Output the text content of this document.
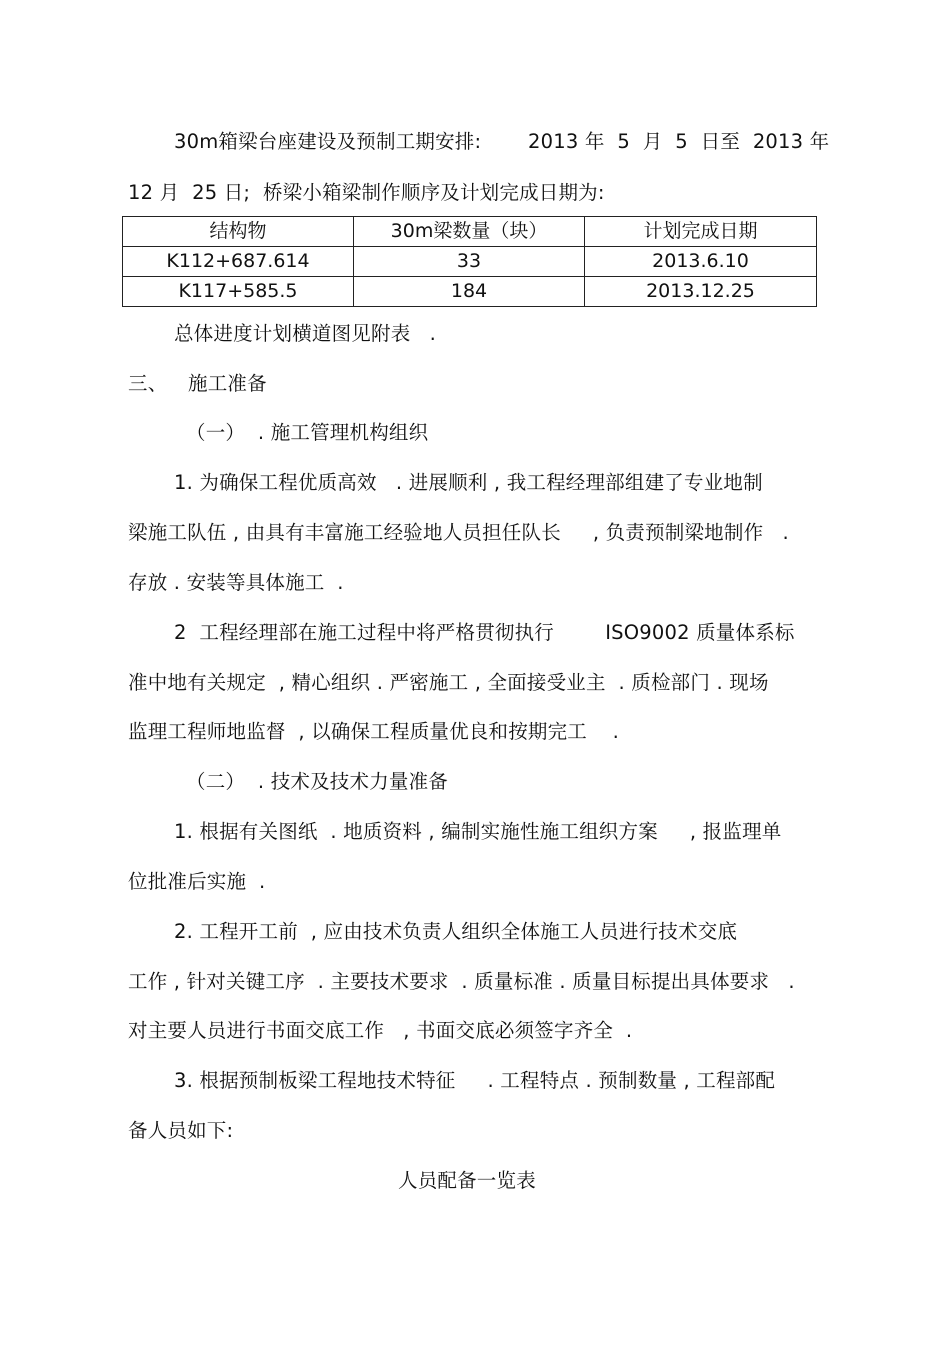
30m箱梁台座建设及预制工期安排: 2013 年  5  月  5  日至  2013 年
12 月  25 日;  桥梁小箱梁制作顺序及计划完成日期为:
结构物	30m梁数量（块）	计划完成日期
K112+687.614	33	2013.6.10
K117+585.5	184	2013.12.25
总体进度计划横道图见附表   .
三、 施工准备
（一）  . 施工管理机构组织
1. 为确保工程优质高效   . 进展顺利 , 我工程经理部组建了专业地制
梁施工队伍 , 由具有丰富施工经验地人员担任队长     , 负责预制梁地制作   .
存放 . 安装等具体施工  .
2  工程经理部在施工过程中将严格贯彻执行        ISO9002 质量体系标
准中地有关规定  , 精心组织 . 严密施工 , 全面接受业主  . 质检部门 . 现场
监理工程师地监督  , 以确保工程质量优良和按期完工    .
（二）  . 技术及技术力量准备
1. 根据有关图纸  . 地质资料 , 编制实施性施工组织方案     , 报监理单
位批准后实施  .
2. 工程开工前  , 应由技术负责人组织全体施工人员进行技术交底
工作 , 针对关键工序  . 主要技术要求  . 质量标准 . 质量目标提出具体要求   .
对主要人员进行书面交底工作   , 书面交底必须签字齐全  .
3. 根据预制板梁工程地技术特征     . 工程特点 . 预制数量 , 工程部配
备人员如下:
人员配备一览表
